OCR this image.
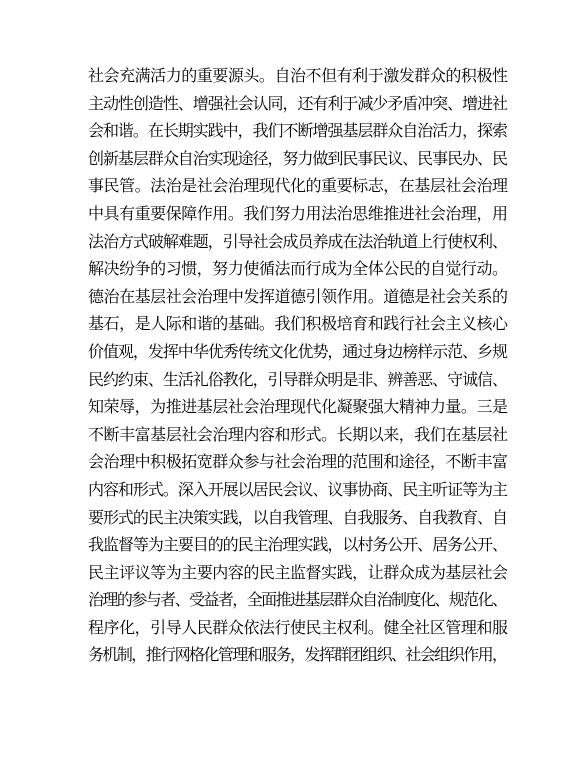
社会充满活力的重要源头。自治不但有利于激发群众的积极性
主动性创造性、增强社会认同，还有利于减少矛盾冲突、增进社
会和谐。在长期实践中，我们不断增强基层群众自治活力，探索
创新基层群众自治实现途径，努力做到民事民议、民事民办、民
事民管。法治是社会治理现代化的重要标志，在基层社会治理
中具有重要保障作用。我们努力用法治思维推进社会治理，用
法治方式破解难题，引导社会成员养成在法治轨道上行使权利、
解决纷争的习惯，努力使循法而行成为全体公民的自觉行动。
德治在基层社会治理中发挥道德引领作用。道德是社会关系的
基石，是人际和谐的基础。我们积极培育和践行社会主义核心
价值观，发挥中华优秀传统文化优势，通过身边榜样示范、乡规
民约约束、生活礼俗教化，引导群众明是非、辨善恶、守诚信、
知荣辱，为推进基层社会治理现代化凝聚强大精神力量。三是
不断丰富基层社会治理内容和形式。长期以来，我们在基层社
会治理中积极拓宽群众参与社会治理的范围和途径，不断丰富
内容和形式。深入开展以居民会议、议事协商、民主听证等为主
要形式的民主决策实践，以自我管理、自我服务、自我教育、自
我监督等为主要目的的民主治理实践，以村务公开、居务公开、
民主评议等为主要内容的民主监督实践，让群众成为基层社会
治理的参与者、受益者，全面推进基层群众自治制度化、规范化、
程序化，引导人民群众依法行使民主权利。健全社区管理和服
务机制，推行网格化管理和服务，发挥群团组织、社会组织作用，
